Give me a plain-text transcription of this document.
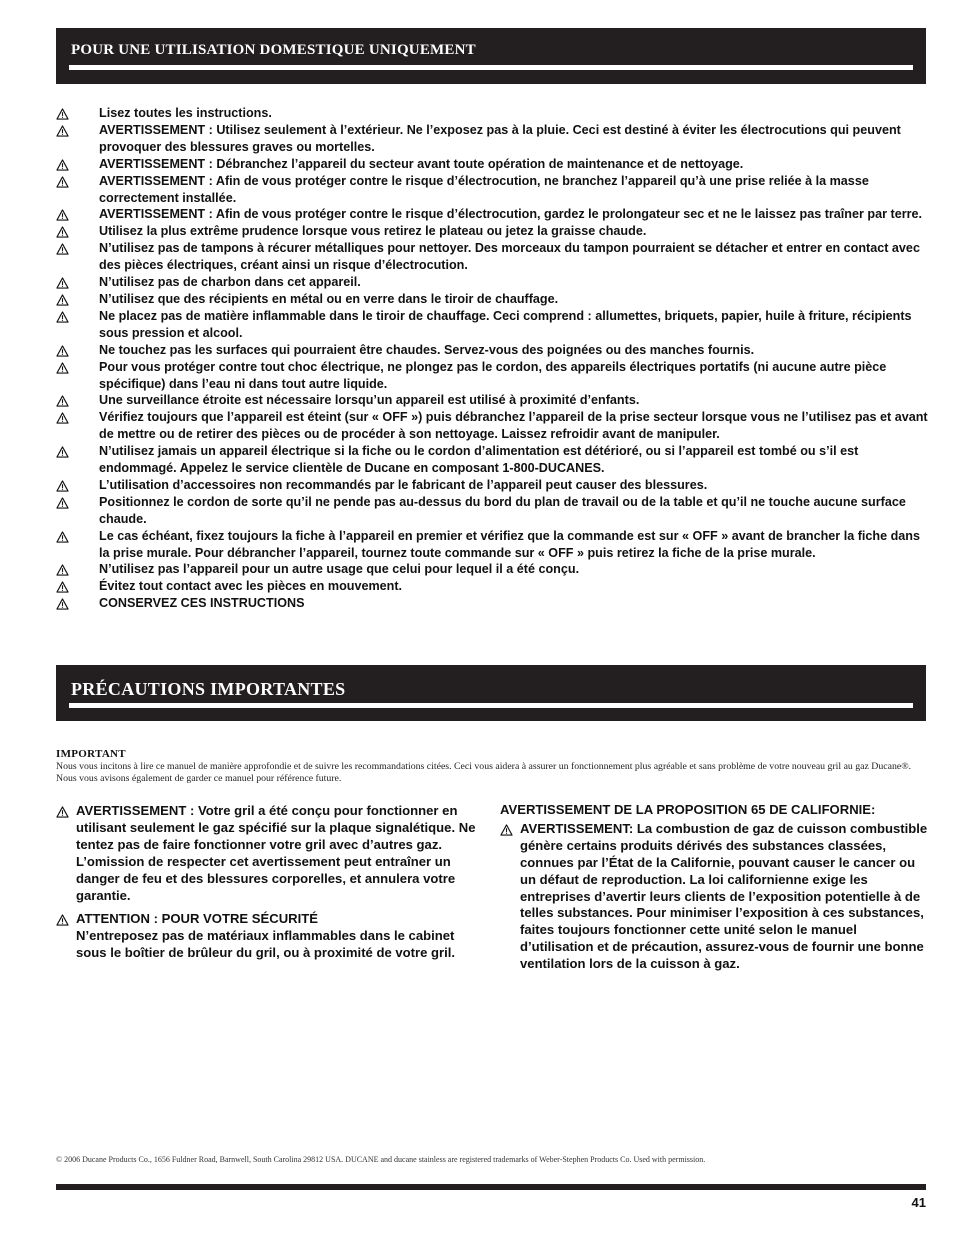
POUR UNE UTILISATION DOMESTIQUE UNIQUEMENT
Lisez toutes les instructions.
AVERTISSEMENT : Utilisez seulement à l’extérieur. Ne l’exposez pas à la pluie. Ceci est destiné à éviter les électrocutions qui peuvent provoquer des blessures graves ou mortelles.
AVERTISSEMENT : Débranchez l’appareil du secteur avant toute opération de maintenance et de nettoyage.
AVERTISSEMENT : Afin de vous protéger contre le risque d’électrocution, ne branchez l’appareil qu’à une prise reliée à la masse correctement installée.
AVERTISSEMENT : Afin de vous protéger contre le risque d’électrocution, gardez le prolongateur sec et ne le laissez pas traîner par terre.
Utilisez la plus extrême prudence lorsque vous retirez le plateau ou jetez la graisse chaude.
N’utilisez pas de tampons à récurer métalliques pour nettoyer. Des morceaux du tampon pourraient se détacher et entrer en contact avec des pièces électriques, créant ainsi un risque d’électrocution.
N’utilisez pas de charbon dans cet appareil.
N’utilisez que des récipients en métal ou en verre dans le tiroir de chauffage.
Ne placez pas de matière inflammable dans le tiroir de chauffage. Ceci comprend : allumettes, briquets, papier, huile à friture, récipients sous pression et alcool.
Ne touchez pas les surfaces qui pourraient être chaudes. Servez-vous des poignées ou des manches fournis.
Pour vous protéger contre tout choc électrique, ne plongez pas le cordon, des appareils électriques portatifs (ni aucune autre pièce spécifique) dans l’eau ni dans tout autre liquide.
Une surveillance étroite est nécessaire lorsqu’un appareil est utilisé à proximité d’enfants.
Vérifiez toujours que l’appareil est éteint (sur « OFF ») puis débranchez l’appareil de la prise secteur lorsque vous ne l’utilisez pas et avant de mettre ou de retirer des pièces ou de procéder à son nettoyage. Laissez refroidir avant de manipuler.
N’utilisez jamais un appareil électrique si la fiche ou le cordon d’alimentation est détérioré, ou si l’appareil est tombé ou s’il est endommagé. Appelez le service clientèle de Ducane en composant 1-800-DUCANES.
L’utilisation d’accessoires non recommandés par le fabricant de l’appareil peut causer des blessures.
Positionnez le cordon de sorte qu’il ne pende pas au-dessus du bord du plan de travail ou de la table et qu’il ne touche aucune surface chaude.
Le cas échéant, fixez toujours la fiche à l’appareil en premier et vérifiez que la commande est sur « OFF » avant de brancher la fiche dans la prise murale. Pour débrancher l’appareil, tournez toute commande sur « OFF » puis retirez la fiche de la prise murale.
N’utilisez pas l’appareil pour un autre usage que celui pour lequel il a été conçu.
Évitez tout contact avec les pièces en mouvement.
CONSERVEZ CES INSTRUCTIONS
PRÉCAUTIONS IMPORTANTES
IMPORTANT
Nous vous incitons à lire ce manuel de manière approfondie et de suivre les recommandations citées. Ceci vous aidera à assurer un fonctionnement plus agréable et sans problème de votre nouveau gril au gaz Ducane®. Nous vous avisons également de garder ce manuel pour référence future.
AVERTISSEMENT : Votre gril a été conçu pour fonctionner en utilisant seulement le gaz spécifié sur la plaque signalétique. Ne tentez pas de faire fonctionner votre gril avec d’autres gaz. L’omission de respecter cet avertissement peut entraîner un danger de feu et des blessures corporelles, et annulera votre garantie.
ATTENTION : POUR VOTRE SÉCURITÉ
N’entreposez pas de matériaux inflammables dans le cabinet sous le boîtier de brûleur du gril, ou à proximité de votre gril.
AVERTISSEMENT DE LA PROPOSITION 65 DE CALIFORNIE:
AVERTISSEMENT: La combustion de gaz de cuisson combustible génère certains produits dérivés des substances classées, connues par l’État de la Californie, pouvant causer le cancer ou un défaut de reproduction. La loi californienne exige les entreprises d’avertir leurs clients de l’exposition potentielle à de telles substances. Pour minimiser l’exposition à ces substances, faites toujours fonctionner cette unité selon le manuel d’utilisation et de précaution, assurez-vous de fournir une bonne ventilation lors de la cuisson à gaz.
© 2006 Ducane Products Co., 1656 Fuldner Road, Barnwell, South Carolina 29812 USA. DUCANE and ducane stainless are registered trademarks of Weber-Stephen Products Co. Used with permission.
41
